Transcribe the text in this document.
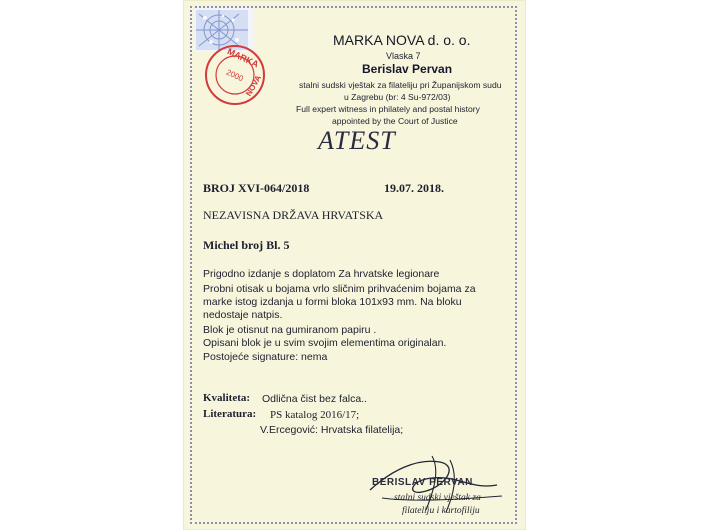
MARKA
NOVA
2000
MARKA NOVA d. o. o.
Vlaska 7
Berislav Pervan
stalni sudski vještak za filateliju pri Županijskom sudu
u Zagrebu (br: 4 Su-972/03)
Full expert witness in philately and postal history
appointed by the Court of Justice
ATEST
BROJ XVI-064/2018	19.07. 2018.
NEZAVISNA DRŽAVA HRVATSKA
Michel broj Bl. 5
Prigodno izdanje s doplatom Za hrvatske legionare
Probni otisak u bojama vrlo sličnim prihvaćenim bojama za
marke istog izdanja u formi bloka 101x93 mm. Na bloku
nedostaje natpis.
Blok je otisnut na gumiranom papiru .
Opisani blok je u svim svojim elementima originalan.
Postojeće signature: nema
Kvaliteta: Odlična čist bez falca..
Literatura: PS katalog 2016/17;
V.Ercegović: Hrvatska filatelija;
BERISLAV PERVAN
stalni sudski vještak za
filateliju i kartofiliju
